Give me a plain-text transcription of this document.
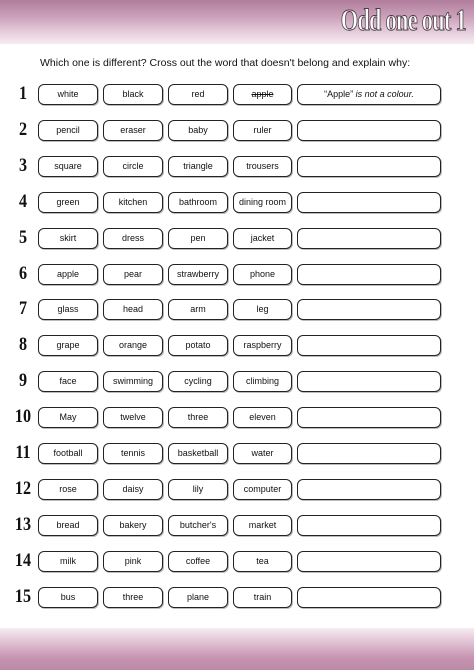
Odd one out 1
Which one is different? Cross out the word that doesn't belong and explain why:
1	white	black	red	apple	“Apple” is not a colour.
2	pencil	eraser	baby	ruler
3	square	circle	triangle	trousers
4	green	kitchen	bathroom	dining room
5	skirt	dress	pen	jacket
6	apple	pear	strawberry	phone
7	glass	head	arm	leg
8	grape	orange	potato	raspberry
9	face	swimming	cycling	climbing
10	May	twelve	three	eleven
11	football	tennis	basketball	water
12	rose	daisy	lily	computer
13	bread	bakery	butcher's	market
14	milk	pink	coffee	tea
15	bus	three	plane	train
